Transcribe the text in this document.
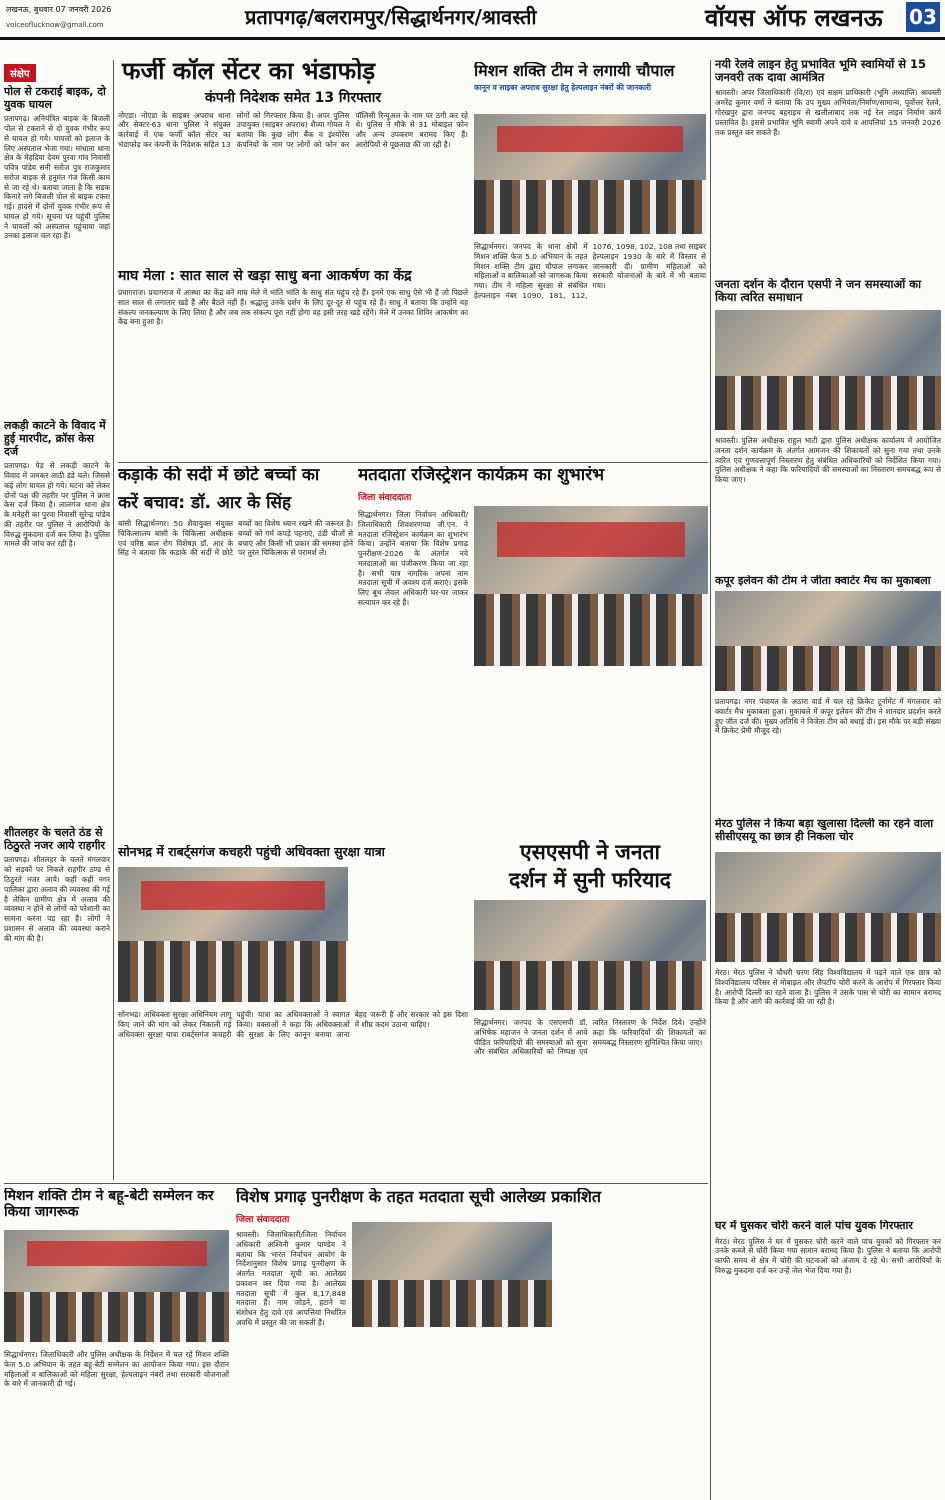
लखनऊ, बुधवार 07 जनवरी 2026
voiceoflucknow@gmail.com	प्रतापगढ़/बलरामपुर/सिद्धार्थनगर/श्रावस्ती	वॉयस ऑफ लखनऊ 03
संक्षेप
पोल से टकराई बाइक, दो युवक घायल
प्रतापगढ़। अनियंत्रित बाइक के बिजली पोल से टकराने से दो युवक गंभीर रूप से घायल हो गये। घायलों को इलाज के लिए अस्पताल भेजा गया। मांधाता थाना क्षेत्र के मेहदिया देवम पुरवा गांव निवासी पवित्र पांडेय सनी सरोज पुत्र राजकुमार सरोज बाइक से हनुमंत गंज किसी काम से जा रहे थे। बताया जाता है कि सड़क किनारे लगे बिजली पोल से बाइक टकरा गई। हादसे में दोनों युवक गंभीर रूप से घायल हो गये। सूचना पर पहुंची पुलिस ने घायलों को अस्पताल पहुंचाया जहां उनका इलाज चल रहा है।
लकड़ी काटने के विवाद में हुई मारपीट, क्रॉस केस दर्ज
प्रतापगढ़। पेड़ से लकड़ी काटने के विवाद में जमकर लाठी डंडे चले। जिससे कई लोग घायल हो गये। घटना को लेकर दोनों पक्ष की तहरीर पर पुलिस ने क्रास केस दर्ज किया है। लालगंज थाना क्षेत्र के मनेहरी का पुरवा निवासी सुरेन्द्र पांडेय की तहरीर पर पुलिस ने आरोपियों के विरुद्ध मुकदमा दर्ज कर लिया है। पुलिस मामले की जांच कर रही है।
शीतलहर के चलते ठंड से ठिठुरते नजर आये राहगीर
प्रतापगढ़। शीतलहर के चलते मंगलवार को सड़कों पर निकले राहगीर ठण्ड से ठिठुरते नजर आये। कहीं कहीं नगर पालिका द्वारा अलाव की व्यवस्था की गई है लेकिन ग्रामीण क्षेत्र में अलाव की व्यवस्था न होने से लोगों को परेशानी का सामना करना पड़ रहा है। लोगों ने प्रशासन से अलाव की व्यवस्था कराने की मांग की है।
फर्जी कॉल सेंटर का भंडाफोड़
कंपनी निदेशक समेत 13 गिरफ्तार
नोएडा। नोएडा के साइबर अपराध थाना और सेक्टर-63 थाना पुलिस ने संयुक्त कार्रवाई में एक फर्जी कॉल सेंटर का भंडाफोड़ कर कंपनी के निदेशक सहित 13 लोगों को गिरफ्तार किया है। अपर पुलिस उपायुक्त (साइबर अपराध) शैव्या गोयल ने बताया कि कुछ लोग बैंक व इंश्योरेंस कंपनियों के नाम पर लोगों को फोन कर पॉलिसी रिन्यूअल के नाम पर ठगी कर रहे थे। पुलिस ने मौके से 31 मोबाइल फोन और अन्य उपकरण बरामद किए हैं। आरोपियों से पूछताछ की जा रही है।
माघ मेला : सात साल से खड़ा साधु बना आकर्षण का केंद्र
प्रयागराज। प्रयागराज में आस्था का केंद्र बने माघ मेले में भांति भांति के साधु संत पहुंच रहे हैं। इनमें एक साधु ऐसे भी हैं जो पिछले सात साल से लगातार खड़े हैं और बैठते नहीं हैं। श्रद्धालु उनके दर्शन के लिए दूर-दूर से पहुंच रहे हैं। साधु ने बताया कि उन्होंने यह संकल्प जनकल्याण के लिए लिया है और जब तक संकल्प पूरा नहीं होगा वह इसी तरह खड़े रहेंगे। मेले में उनका शिविर आकर्षण का केंद्र बना हुआ है।
मिशन शक्ति टीम ने लगायी चौपाल
कानून व साइबर अपराध सुरक्षा हेतु हेल्पलाइन नंबरों की जानकारी
सिद्धार्थनगर। जनपद के थाना क्षेत्रों में मिशन शक्ति फेज 5.0 अभियान के तहत मिशन शक्ति टीम द्वारा चौपाल लगाकर महिलाओं व बालिकाओं को जागरूक किया गया। टीम ने महिला सुरक्षा से संबंधित हेल्पलाइन नंबर 1090, 181, 112, 1076, 1098, 102, 108 तथा साइबर हेल्पलाइन 1930 के बारे में विस्तार से जानकारी दी। ग्रामीण महिलाओं को सरकारी योजनाओं के बारे में भी बताया गया।
नयी रेलवे लाइन हेतु प्रभावित भूमि स्वामियों से 15 जनवरी तक दावा आमंत्रित
श्रावस्ती। अपर जिलाधिकारी (वि/रा) एवं सक्षम प्राधिकारी (भूमि अध्याप्ति) श्रावस्ती अमरेंद्र कुमार वर्मा ने बताया कि उप मुख्य अभियंता/निर्माण/सामान्य, पूर्वोत्तर रेलवे, गोरखपुर द्वारा जनपद बहराइच से खलीलाबाद तक नई रेल लाइन निर्माण कार्य प्रस्तावित है। इससे प्रभावित भूमि स्वामी अपने दावे व आपत्तियां 15 जनवरी 2026 तक प्रस्तुत कर सकते हैं।
जनता दर्शन के दौरान एसपी ने जन समस्याओं का किया त्वरित समाधान
श्रावस्ती। पुलिस अधीक्षक राहुल भाटी द्वारा पुलिस अधीक्षक कार्यालय में आयोजित जनता दर्शन कार्यक्रम के अंतर्गत आमजन की शिकायतों को सुना गया तथा उनके त्वरित एवं गुणवत्तापूर्ण निस्तारण हेतु संबंधित अधिकारियों को निर्देशित किया गया। पुलिस अधीक्षक ने कहा कि फरियादियों की समस्याओं का निस्तारण समयबद्ध रूप से किया जाए।
कपूर इलेवन की टीम ने जीता क्वार्टर मैच का मुकाबला
प्रतापगढ़। नगर पंचायत के अठारा वार्ड में चल रहे क्रिकेट टूर्नामेंट में मंगलवार को क्वार्टर मैच मुकाबला हुआ। मुकाबले में कपूर इलेवन की टीम ने शानदार प्रदर्शन करते हुए जीत दर्ज की। मुख्य अतिथि ने विजेता टीम को बधाई दी। इस मौके पर बड़ी संख्या में क्रिकेट प्रेमी मौजूद रहे।
मेरठ पुलिस ने किया बड़ा खुलासा दिल्ली का रहने वाला सीसीएसयू का छात्र ही निकला चोर
मेरठ। मेरठ पुलिस ने चौधरी चरण सिंह विश्वविद्यालय में पढ़ने वाले एक छात्र को विश्वविद्यालय परिसर से मोबाइल और लैपटॉप चोरी करने के आरोप में गिरफ्तार किया है। आरोपी दिल्ली का रहने वाला है। पुलिस ने उसके पास से चोरी का सामान बरामद किया है और आगे की कार्रवाई की जा रही है।
घर में घुसकर चोरी करने वाले पांच युवक गिरफ्तार
मेरठ। मेरठ पुलिस ने घर में घुसकर चोरी करने वाले पांच युवकों को गिरफ्तार कर उनके कब्जे से चोरी किया गया सामान बरामद किया है। पुलिस ने बताया कि आरोपी काफी समय से क्षेत्र में चोरी की घटनाओं को अंजाम दे रहे थे। सभी आरोपियों के विरुद्ध मुकदमा दर्ज कर उन्हें जेल भेज दिया गया है।
कड़ाके की सर्दी में छोटे बच्चों का
करें बचाव: डॉ. आर के सिंह
बांसी सिद्धार्थनगर। 50 शैयायुक्त संयुक्त चिकित्सालय बांसी के चिकित्सा अधीक्षक एवं वरिष्ठ बाल रोग विशेषज्ञ डॉ. आर के सिंह ने बताया कि कड़ाके की सर्दी में छोटे बच्चों का विशेष ध्यान रखने की जरूरत है। बच्चों को गर्म कपड़े पहनाएं, ठंडी चीजों से बचाएं और किसी भी प्रकार की समस्या होने पर तुरंत चिकित्सक से परामर्श लें।
मतदाता रजिस्ट्रेशन कार्यक्रम का शुभारंभ
जिला संवाददाता
सिद्धार्थनगर। जिला निर्वाचन अधिकारी/जिलाधिकारी शिवशरणप्पा जी.एन. ने मतदाता रजिस्ट्रेशन कार्यक्रम का शुभारंभ किया। उन्होंने बताया कि विशेष प्रगाढ़ पुनरीक्षण-2026 के अंतर्गत नये मतदाताओं का पंजीकरण किया जा रहा है। सभी पात्र नागरिक अपना नाम मतदाता सूची में अवश्य दर्ज कराएं। इसके लिए बूथ लेवल अधिकारी घर-घर जाकर सत्यापन कर रहे हैं।
सोनभद्र में राबर्ट्सगंज कचहरी पहुंची अधिवक्ता सुरक्षा यात्रा
सोनभद्र। अधिवक्ता सुरक्षा अधिनियम लागू किए जाने की मांग को लेकर निकाली गई अधिवक्ता सुरक्षा यात्रा राबर्ट्सगंज कचहरी पहुंची। यात्रा का अधिवक्ताओं ने स्वागत किया। वक्ताओं ने कहा कि अधिवक्ताओं की सुरक्षा के लिए कानून बनाया जाना बेहद जरूरी है और सरकार को इस दिशा में शीघ्र कदम उठाना चाहिए।
एसएसपी ने जनता
दर्शन में सुनी फरियाद
सिद्धार्थनगर। जनपद के एसएसपी डॉ. अभिषेक महाजन ने जनता दर्शन में आये पीड़ित फरियादियों की समस्याओं को सुना और संबंधित अधिकारियों को निष्पक्ष एवं त्वरित निस्तारण के निर्देश दिये। उन्होंने कहा कि फरियादियों की शिकायतों का समयबद्ध निस्तारण सुनिश्चित किया जाए।
मिशन शक्ति टीम ने बहू-बेटी सम्मेलन कर किया जागरूक
सिद्धार्थनगर। जिलाधिकारी और पुलिस अधीक्षक के निर्देशन में चल रहे मिशन शक्ति फेज 5.0 अभियान के तहत बहू-बेटी सम्मेलन का आयोजन किया गया। इस दौरान महिलाओं व बालिकाओं को महिला सुरक्षा, हेल्पलाइन नंबरों तथा सरकारी योजनाओं के बारे में जानकारी दी गई।
विशेष प्रगाढ़ पुनरीक्षण के तहत मतदाता सूची आलेख्य प्रकाशित
जिला संवाददाता
श्रावस्ती। जिलाधिकारी/जिला निर्वाचन अधिकारी अश्विनी कुमार पाण्डेय ने बताया कि भारत निर्वाचन आयोग के निर्देशानुसार विशेष प्रगाढ़ पुनरीक्षण के अंतर्गत मतदाता सूची का आलेख्य प्रकाशन कर दिया गया है। आलेख्य मतदाता सूची में कुल 8,17,848 मतदाता हैं। नाम जोड़ने, हटाने या संशोधन हेतु दावे एवं आपत्तियां निर्धारित अवधि में प्रस्तुत की जा सकती हैं।
